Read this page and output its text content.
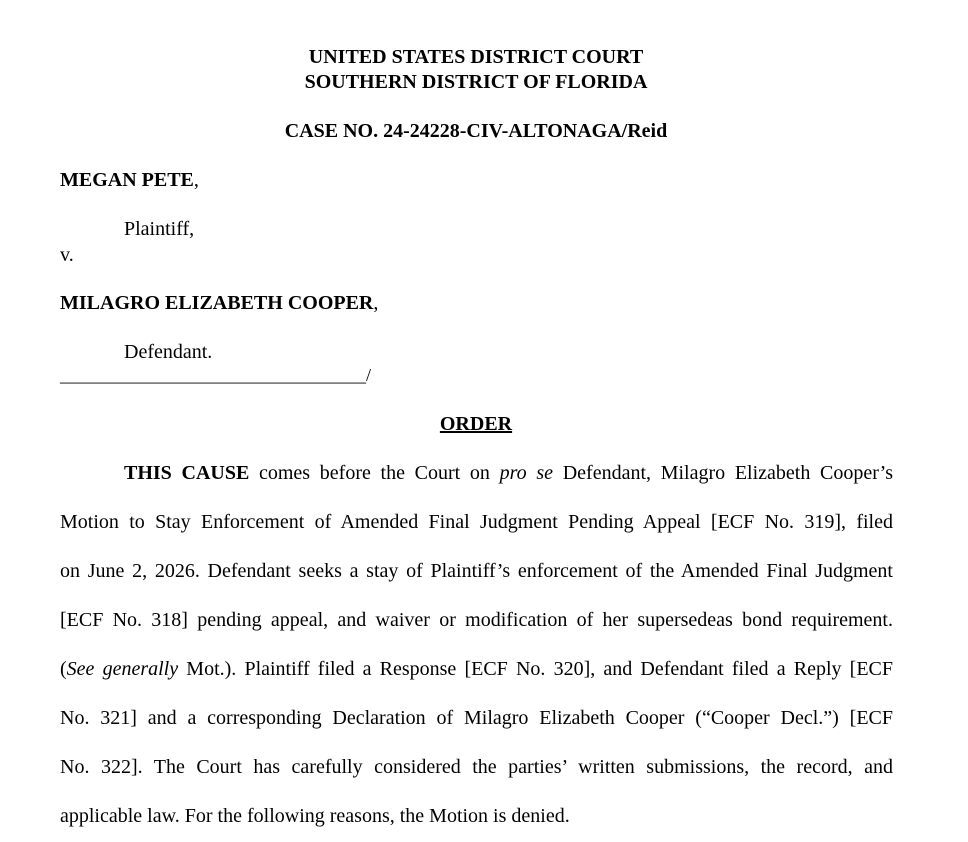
UNITED STATES DISTRICT COURT
SOUTHERN DISTRICT OF FLORIDA
CASE NO. 24-24228-CIV-ALTONAGA/Reid
MEGAN PETE,
Plaintiff,
v.
MILAGRO ELIZABETH COOPER,
Defendant.
__________________________________/
ORDER
THIS CAUSE comes before the Court on pro se Defendant, Milagro Elizabeth Cooper’s
Motion to Stay Enforcement of Amended Final Judgment Pending Appeal [ECF No. 319], filed
on June 2, 2026. Defendant seeks a stay of Plaintiff’s enforcement of the Amended Final Judgment
[ECF No. 318] pending appeal, and waiver or modification of her supersedeas bond requirement.
(See generally Mot.). Plaintiff filed a Response [ECF No. 320], and Defendant filed a Reply [ECF
No. 321] and a corresponding Declaration of Milagro Elizabeth Cooper (“Cooper Decl.”) [ECF
No. 322]. The Court has carefully considered the parties’ written submissions, the record, and
applicable law. For the following reasons, the Motion is denied.
